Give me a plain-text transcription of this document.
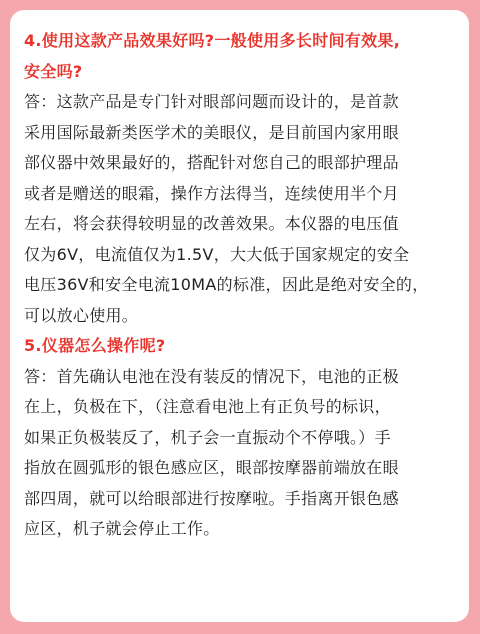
4.使用这款产品效果好吗?一般使用多长时间有效果,
安全吗?
答：这款产品是专门针对眼部问题而设计的，是首款
采用国际最新类医学术的美眼仪，是目前国内家用眼
部仪器中效果最好的，搭配针对您自己的眼部护理品
或者是赠送的眼霜，操作方法得当，连续使用半个月
左右，将会获得较明显的改善效果。本仪器的电压值
仅为6V，电流值仅为1.5V，大大低于国家规定的安全
电压36V和安全电流10MA的标准，因此是绝对安全的，
可以放心使用。
5.仪器怎么操作呢?
答：首先确认电池在没有装反的情况下，电池的正极
在上，负极在下，（注意看电池上有正负号的标识，
如果正负极装反了，机子会一直振动个不停哦。）手
指放在圆弧形的银色感应区，眼部按摩器前端放在眼
部四周，就可以给眼部进行按摩啦。手指离开银色感
应区，机子就会停止工作。
